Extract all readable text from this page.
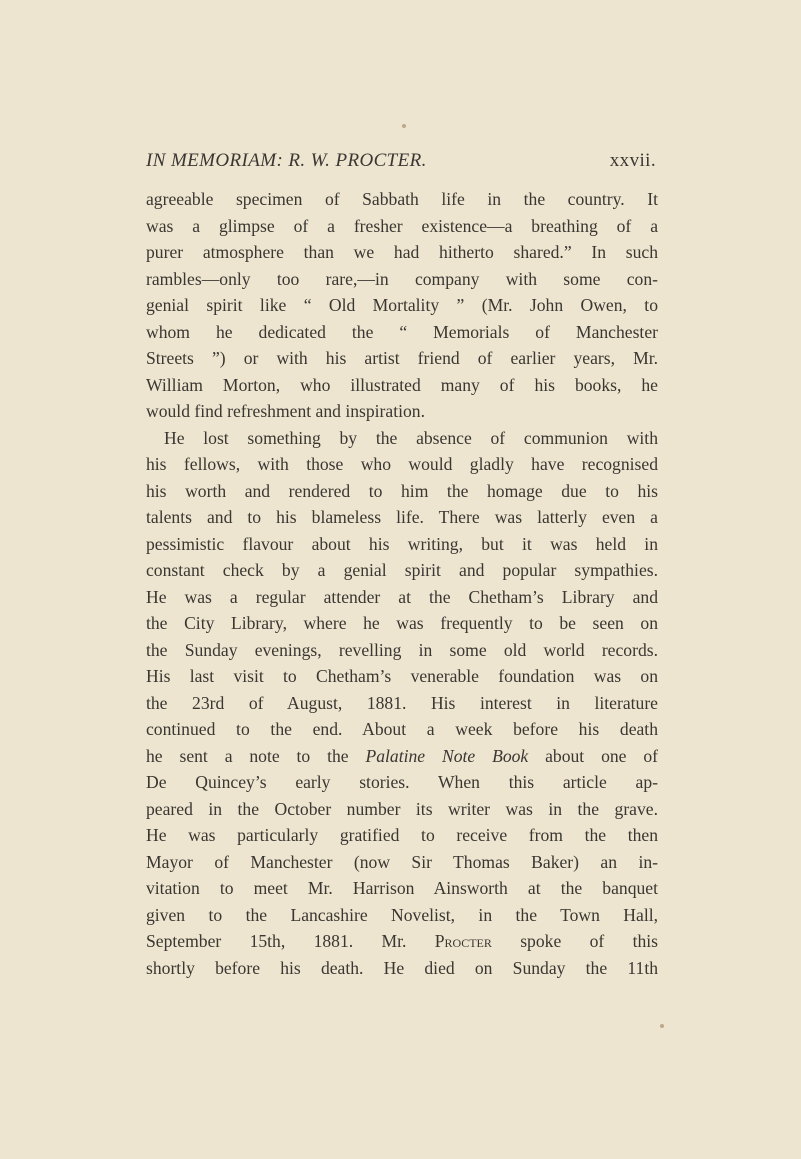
IN MEMORIAM: R. W. PROCTER.	xxvii.
agreeable specimen of Sabbath life in the country. It
was a glimpse of a fresher existence—a breathing of a
purer atmosphere than we had hitherto shared.” In such
rambles—only too rare,—in company with some con-
genial spirit like “ Old Mortality ” (Mr. John Owen, to
whom he dedicated the “ Memorials of Manchester
Streets ”) or with his artist friend of earlier years, Mr.
William Morton, who illustrated many of his books, he
would find refreshment and inspiration.
He lost something by the absence of communion with
his fellows, with those who would gladly have recognised
his worth and rendered to him the homage due to his
talents and to his blameless life. There was latterly even a
pessimistic flavour about his writing, but it was held in
constant check by a genial spirit and popular sympathies.
He was a regular attender at the Chetham’s Library and
the City Library, where he was frequently to be seen on
the Sunday evenings, revelling in some old world records.
His last visit to Chetham’s venerable foundation was on
the 23rd of August, 1881. His interest in literature
continued to the end. About a week before his death
he sent a note to the Palatine Note Book about one of
De Quincey’s early stories. When this article ap-
peared in the October number its writer was in the grave.
He was particularly gratified to receive from the then
Mayor of Manchester (now Sir Thomas Baker) an in-
vitation to meet Mr. Harrison Ainsworth at the banquet
given to the Lancashire Novelist, in the Town Hall,
September 15th, 1881. Mr. Procter spoke of this
shortly before his death. He died on Sunday the 11th
